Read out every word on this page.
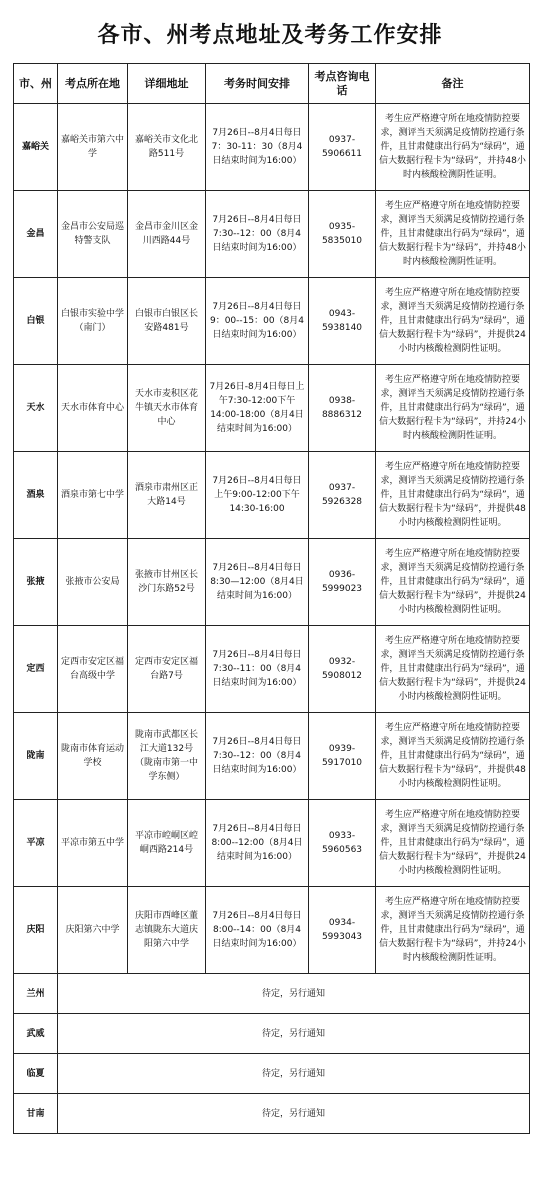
各市、州考点地址及考务工作安排
市、州	考点所在地	详细地址	考务时间安排	考点咨询电话	备注
嘉峪关	嘉峪关市第六中学	嘉峪关市文化北路511号	7月26日--8月4日每日7：30-11：30（8月4日结束时间为16:00）	0937-5906611	考生应严格遵守所在地疫情防控要求，测评当天须满足疫情防控通行条件，且甘肃健康出行码为“绿码”，通信大数据行程卡为“绿码”，并持48小时内核酸检测阴性证明。
金昌	金昌市公安局巡特警支队	金昌市金川区金川西路44号	7月26日--8月4日每日7:30--12：00（8月4日结束时间为16:00）	0935-5835010	考生应严格遵守所在地疫情防控要求，测评当天须满足疫情防控通行条件，且甘肃健康出行码为“绿码”，通信大数据行程卡为“绿码”，并持48小时内核酸检测阴性证明。
白银	白银市实验中学（南门）	白银市白银区长安路481号	7月26日--8月4日每日9：00--15：00（8月4日结束时间为16:00）	0943-5938140	考生应严格遵守所在地疫情防控要求，测评当天须满足疫情防控通行条件，且甘肃健康出行码为“绿码”，通信大数据行程卡为“绿码”，并提供24小时内核酸检测阴性证明。
天水	天水市体育中心	天水市麦积区花牛镇天水市体育中心	7月26日-8月4日每日上午7:30-12:00下午14:00-18:00（8月4日结束时间为16:00）	0938-8886312	考生应严格遵守所在地疫情防控要求，测评当天须满足疫情防控通行条件，且甘肃健康出行码为“绿码”，通信大数据行程卡为“绿码”，并持24小时内核酸检测阴性证明。
酒泉	酒泉市第七中学	酒泉市肃州区正大路14号	7月26日--8月4日每日上午9:00-12:00下午14:30-16:00	0937-5926328	考生应严格遵守所在地疫情防控要求，测评当天须满足疫情防控通行条件，且甘肃健康出行码为“绿码”，通信大数据行程卡为“绿码”，并提供48小时内核酸检测阴性证明。
张掖	张掖市公安局	张掖市甘州区长沙门东路52号	7月26日--8月4日每日8:30—12:00（8月4日结束时间为16:00）	0936-5999023	考生应严格遵守所在地疫情防控要求，测评当天须满足疫情防控通行条件，且甘肃健康出行码为“绿码”，通信大数据行程卡为“绿码”，并提供24小时内核酸检测阴性证明。
定西	定西市安定区福台高级中学	定西市安定区福台路7号	7月26日--8月4日每日7:30--11：00（8月4日结束时间为16:00）	0932-5908012	考生应严格遵守所在地疫情防控要求，测评当天须满足疫情防控通行条件，且甘肃健康出行码为“绿码”，通信大数据行程卡为“绿码”，并提供24小时内核酸检测阴性证明。
陇南	陇南市体育运动学校	陇南市武都区长江大道132号（陇南市第一中学东侧）	7月26日--8月4日每日7:30--12：00（8月4日结束时间为16:00）	0939-5917010	考生应严格遵守所在地疫情防控要求，测评当天须满足疫情防控通行条件，且甘肃健康出行码为“绿码”，通信大数据行程卡为“绿码”，并提供48小时内核酸检测阴性证明。
平凉	平凉市第五中学	平凉市崆峒区崆峒西路214号	7月26日--8月4日每日8:00--12:00（8月4日结束时间为16:00）	0933-5960563	考生应严格遵守所在地疫情防控要求，测评当天须满足疫情防控通行条件，且甘肃健康出行码为“绿码”，通信大数据行程卡为“绿码”，并提供24小时内核酸检测阴性证明。
庆阳	庆阳第六中学	庆阳市西峰区董志镇陇东大道庆阳第六中学	7月26日--8月4日每日8:00--14：00（8月4日结束时间为16:00）	0934-5993043	考生应严格遵守所在地疫情防控要求，测评当天须满足疫情防控通行条件，且甘肃健康出行码为“绿码”，通信大数据行程卡为“绿码”，并持24小时内核酸检测阴性证明。
兰州	待定，另行通知				
武威	待定，另行通知				
临夏	待定，另行通知				
甘南	待定，另行通知				
